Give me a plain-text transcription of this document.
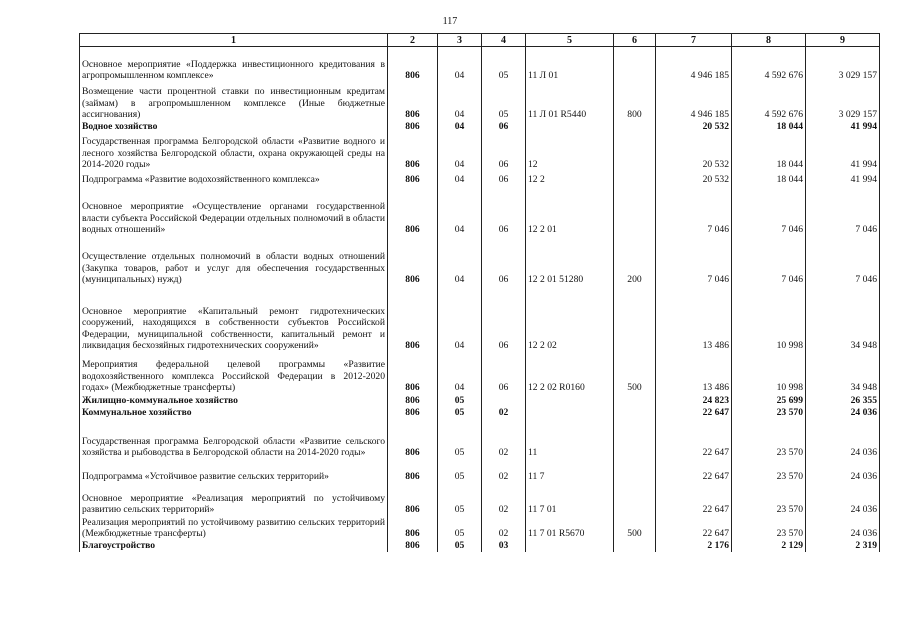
117
1	2	3	4	5	6	7	8	9
Основное мероприятие «Поддержка инвестиционного кредитования в агропромышленном комплексе»	806	04	05	11 Л 01		4 946 185	4 592 676	3 029 157
Возмещение части процентной ставки по инвестиционным кредитам (займам) в агропромышленном комплексе (Иные бюджетные ассигнования)	806	04	05	11 Л 01 R5440	800	4 946 185	4 592 676	3 029 157
Водное хозяйство	806	04	06			20 532	18 044	41 994
Государственная программа Белгородской области «Развитие водного и лесного хозяйства Белгородской области, охрана окружающей среды на 2014-2020 годы»	806	04	06	12		20 532	18 044	41 994
Подпрограмма «Развитие водохозяйственного комплекса»	806	04	06	12 2		20 532	18 044	41 994
Основное мероприятие «Осуществление органами государственной власти субъекта Российской Федерации отдельных полномочий в области водных отношений»	806	04	06	12 2 01		7 046	7 046	7 046
Осуществление отдельных полномочий в области водных отношений (Закупка товаров, работ и услуг для обеспечения государственных (муниципальных) нужд)	806	04	06	12 2 01 51280	200	7 046	7 046	7 046
Основное мероприятие «Капитальный ремонт гидротехнических сооружений, находящихся в собственности субъектов Российской Федерации, муниципальной собственности, капитальный ремонт и ликвидация бесхозяйных гидротехнических сооружений»	806	04	06	12 2 02		13 486	10 998	34 948
Мероприятия федеральной целевой программы «Развитие водохозяйственного комплекса Российской Федерации в 2012-2020 годах» (Межбюджетные трансферты)	806	04	06	12 2 02 R0160	500	13 486	10 998	34 948
Жилищно-коммунальное хозяйство	806	05				24 823	25 699	26 355
Коммунальное хозяйство	806	05	02			22 647	23 570	24 036
Государственная программа Белгородской области «Развитие сельского хозяйства и рыбоводства в Белгородской области на 2014-2020 годы»	806	05	02	11		22 647	23 570	24 036
Подпрограмма «Устойчивое развитие сельских территорий»	806	05	02	11 7		22 647	23 570	24 036
Основное мероприятие «Реализация мероприятий по устойчивому развитию сельских территорий»	806	05	02	11 7 01		22 647	23 570	24 036
Реализация мероприятий по устойчивому развитию сельских территорий (Межбюджетные трансферты)	806	05	02	11 7 01 R5670	500	22 647	23 570	24 036
Благоустройство	806	05	03			2 176	2 129	2 319
